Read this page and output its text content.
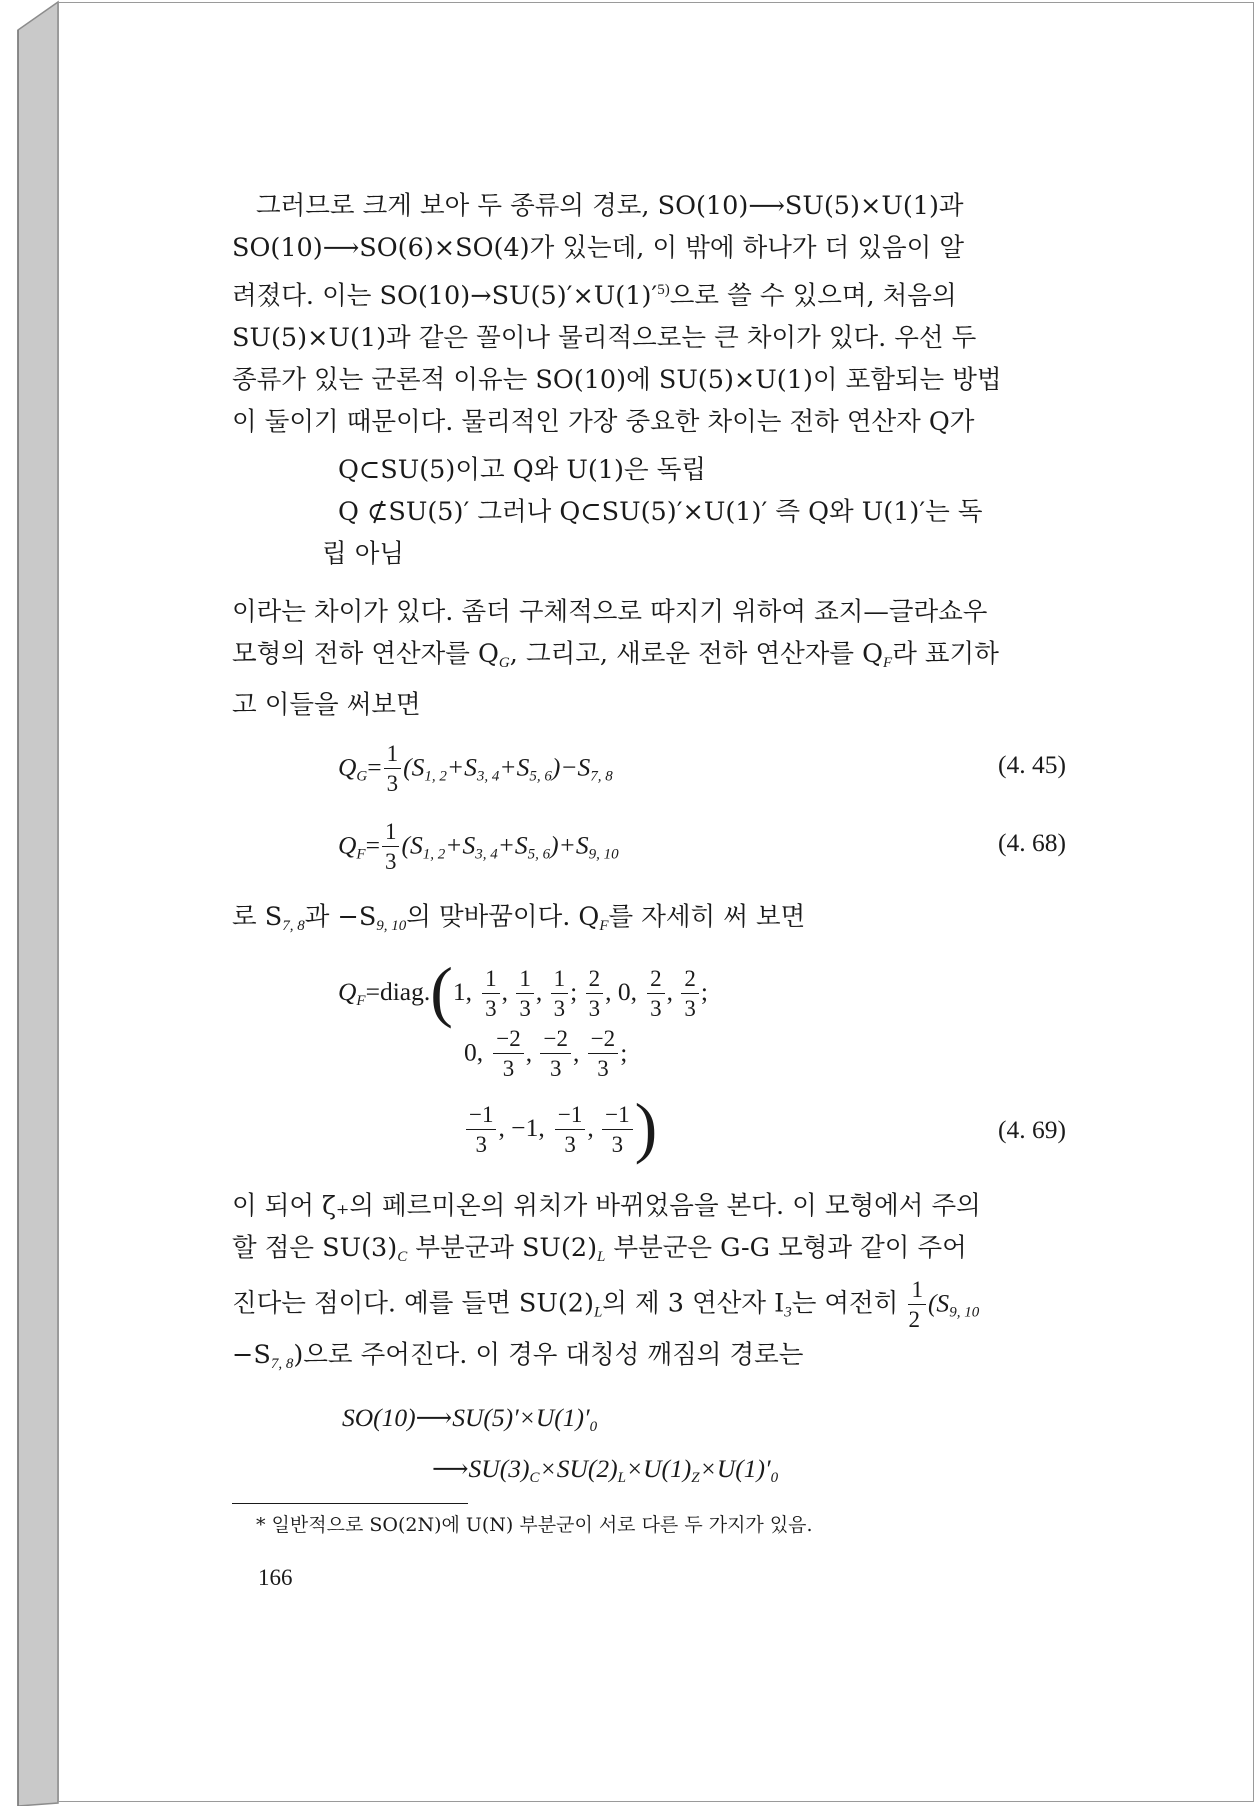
그러므로 크게 보아 두 종류의 경로, SO(10)⟶SU(5)×U(1)과
SO(10)⟶SO(6)×SO(4)가 있는데, 이 밖에 하나가 더 있음이 알
려졌다. 이는 $SO(10)\to SU(5)'\times U(1)'^{5)}$으로 쓸 수 있으며, 처음의
SU(5)×U(1)과 같은 꼴이나 물리적으로는 큰 차이가 있다. 우선 두
종류가 있는 군론적 이유는 SO(10)에 SU(5)×U(1)이 포함되는 방법
이 둘이기 때문이다. 물리적인 가장 중요한 차이는 전하 연산자 Q가
Q⊂SU(5)이고 Q와 U(1)은 독립
Q ⊄SU(5)′ 그러나 Q⊂SU(5)′×U(1)′ 즉 Q와 U(1)′는 독
립 아님
이라는 차이가 있다. 좀더 구체적으로 따지기 위하여 죠지—글라쇼우
모형의 전하 연산자를 $Q_G$, 그리고, 새로운 전하 연산자를 $Q_F$라 표기하
고 이들을 써보면
$Q_G= \frac{1}{3} (S_{1, 2}+S_{3, 4}+S_{5, 6})-S_{7, 8}$	(4. 45)
$Q_F= \frac{1}{3} (S_{1, 2}+S_{3, 4}+S_{5, 6})+S_{9, 10}$	(4. 68)
로 $S_{7, 8}$과 $-S_{9, 10}$의 맞바꿈이다. $Q_F$를 자세히 써 보면
$Q_F=diag.(1$, $\frac{1}{3}$ , $\frac{1}{3}$ , $\frac{1}{3}$ ; $\frac{2}{3}$ , 0, $\frac{2}{3}$ , $\frac{2}{3}$ ;
0, $\frac{-2}{3}$ , $\frac{-2}{3}$ , $\frac{-2}{3}$ ;
$\frac{-1}{3}$ , −1, $\frac{-1}{3}$ , $\frac{-1}{3}$ )	(4. 69)
이 되어 ζ₊의 페르미온의 위치가 바뀌었음을 본다. 이 모형에서 주의
할 점은 $SU(3)_C$ 부분군과 $SU(2)_L$ 부분군은 G-G 모형과 같이 주어
진다는 점이다. 예를 들면 $SU(2)_L$의 제 3 연산자 $I_3$는 여전히 $\frac{1}{2} (S_{9, 10}$
$-S_{7, 8}$)으로 주어진다. 이 경우 대칭성 깨짐의 경로는
$SO(10)⟶SU(5)'\times U(1)'_0$
$⟶SU(3)_C\times SU(2)_L\times U(1)_Z\times U(1)'_0$
* 일반적으로 SO(2N)에 U(N) 부분군이 서로 다른 두 가지가 있음.
166
